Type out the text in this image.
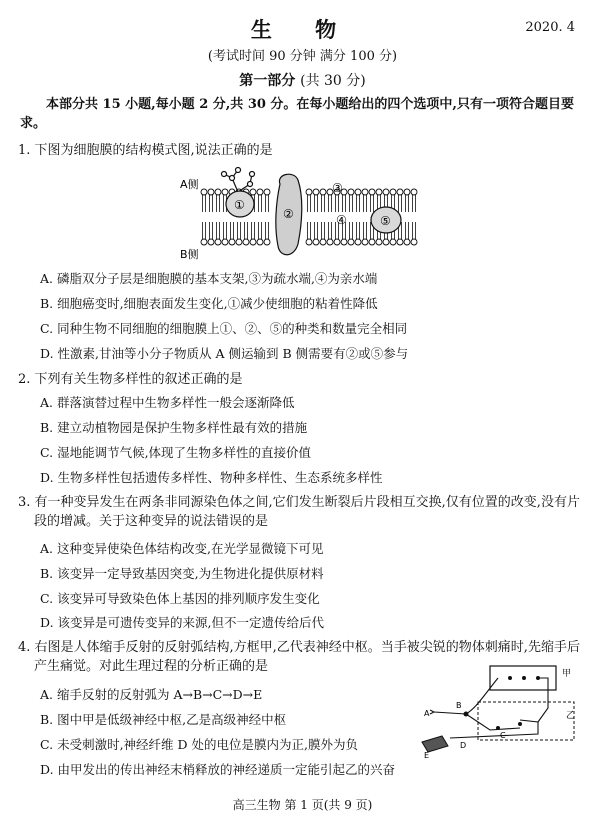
生 物	2020. 4
(考试时间 90 分钟 满分 100 分)
第一部分 (共 30 分)
本部分共 15 小题,每小题 2 分,共 30 分。在每小题给出的四个选项中,只有一项符合题目要求。
1. 下图为细胞膜的结构模式图,说法正确的是
A侧
B侧
①
②
③
④	⑤
A. 磷脂双分子层是细胞膜的基本支架,③为疏水端,④为亲水端
B. 细胞癌变时,细胞表面发生变化,①减少使细胞的粘着性降低
C. 同种生物不同细胞的细胞膜上①、②、⑤的种类和数量完全相同
D. 性激素,甘油等小分子物质从 A 侧运输到 B 侧需要有②或⑤参与
2. 下列有关生物多样性的叙述正确的是
A. 群落演替过程中生物多样性一般会逐渐降低
B. 建立动植物园是保护生物多样性最有效的措施
C. 湿地能调节气候,体现了生物多样性的直接价值
D. 生物多样性包括遗传多样性、物种多样性、生态系统多样性
3. 有一种变异发生在两条非同源染色体之间,它们发生断裂后片段相互交换,仅有位置的改变,没有片段的增减。关于这种变异的说法错误的是
A. 这种变异使染色体结构改变,在光学显微镜下可见
B. 该变异一定导致基因突变,为生物进化提供原材料
C. 该变异可导致染色体上基因的排列顺序发生变化
D. 该变异是可遗传变异的来源,但不一定遗传给后代
4. 右图是人体缩手反射的反射弧结构,方框甲,乙代表神经中枢。当手被尖锐的物体刺痛时,先缩手后产生痛觉。对此生理过程的分析正确的是
A. 缩手反射的反射弧为 A→B→C→D→E
B. 图中甲是低级神经中枢,乙是高级神经中枢
C. 未受刺激时,神经纤维 D 处的电位是膜内为正,膜外为负
D. 由甲发出的传出神经末梢释放的神经递质一定能引起乙的兴奋
甲
乙
A
B
C
D
E
高三生物 第 1 页(共 9 页)
